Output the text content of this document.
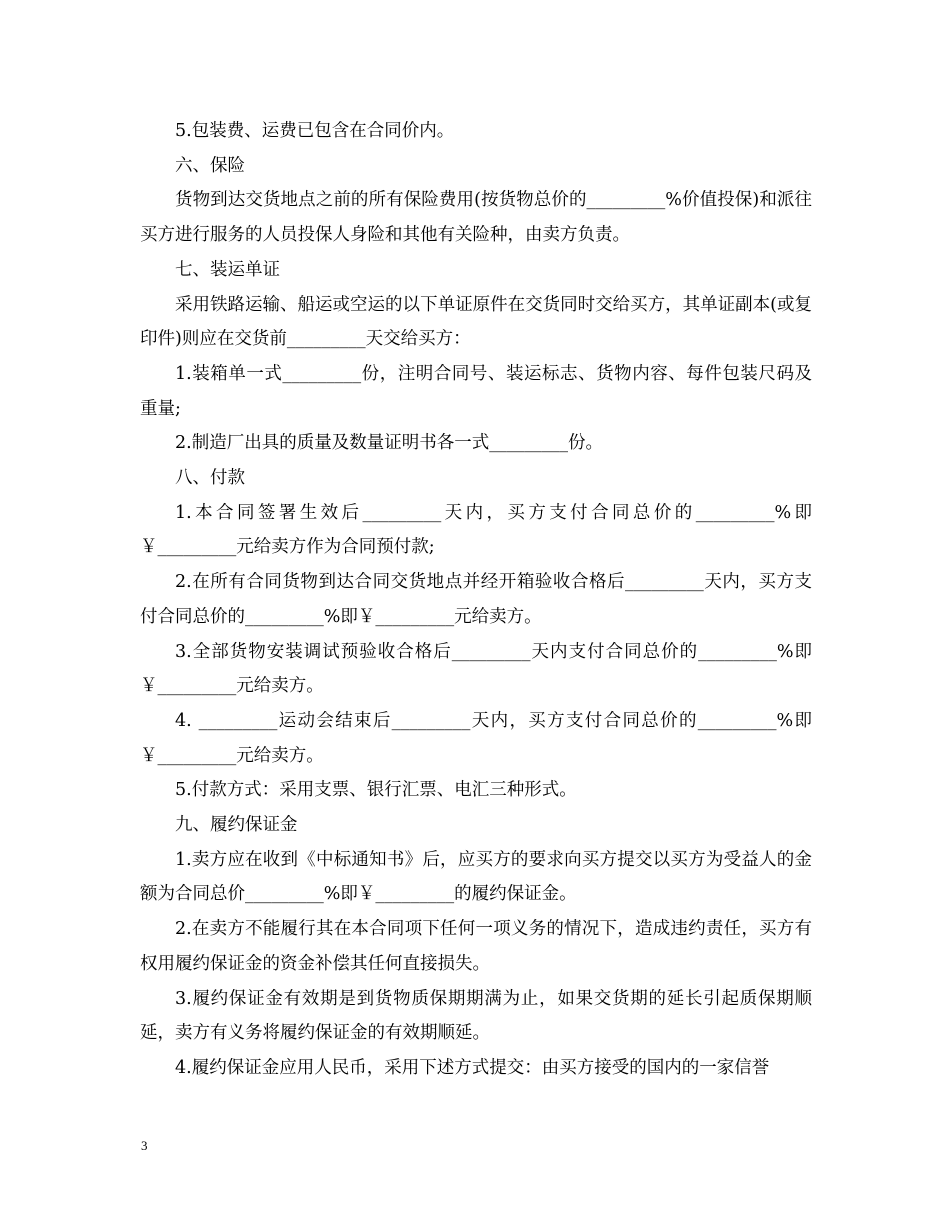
5.包装费、运费已包含在合同价内。

六、保险

货物到达交货地点之前的所有保险费用(按货物总价的_________%价值投保)和派往买方进行服务的人员投保人身险和其他有关险种，由卖方负责。

七、装运单证

采用铁路运输、船运或空运的以下单证原件在交货同时交给买方，其单证副本(或复印件)则应在交货前_________天交给买方：

1.装箱单一式_________份，注明合同号、装运标志、货物内容、每件包装尺码及重量;

2.制造厂出具的质量及数量证明书各一式_________份。

八、付款

1.本合同签署生效后_________天内，买方支付合同总价的_________%即￥_________元给卖方作为合同预付款;

2.在所有合同货物到达合同交货地点并经开箱验收合格后_________天内，买方支付合同总价的_________%即￥_________元给卖方。

3.全部货物安装调试预验收合格后_________天内支付合同总价的_________%即￥_________元给卖方。

4. _________运动会结束后_________天内，买方支付合同总价的_________%即￥_________元给卖方。

5.付款方式：采用支票、银行汇票、电汇三种形式。

九、履约保证金

1.卖方应在收到《中标通知书》后，应买方的要求向买方提交以买方为受益人的金额为合同总价_________%即￥_________的履约保证金。

2.在卖方不能履行其在本合同项下任何一项义务的情况下，造成违约责任，买方有权用履约保证金的资金补偿其任何直接损失。

3.履约保证金有效期是到货物质保期期满为止，如果交货期的延长引起质保期顺延，卖方有义务将履约保证金的有效期顺延。

4.履约保证金应用人民币，采用下述方式提交：由买方接受的国内的一家信誉

3
